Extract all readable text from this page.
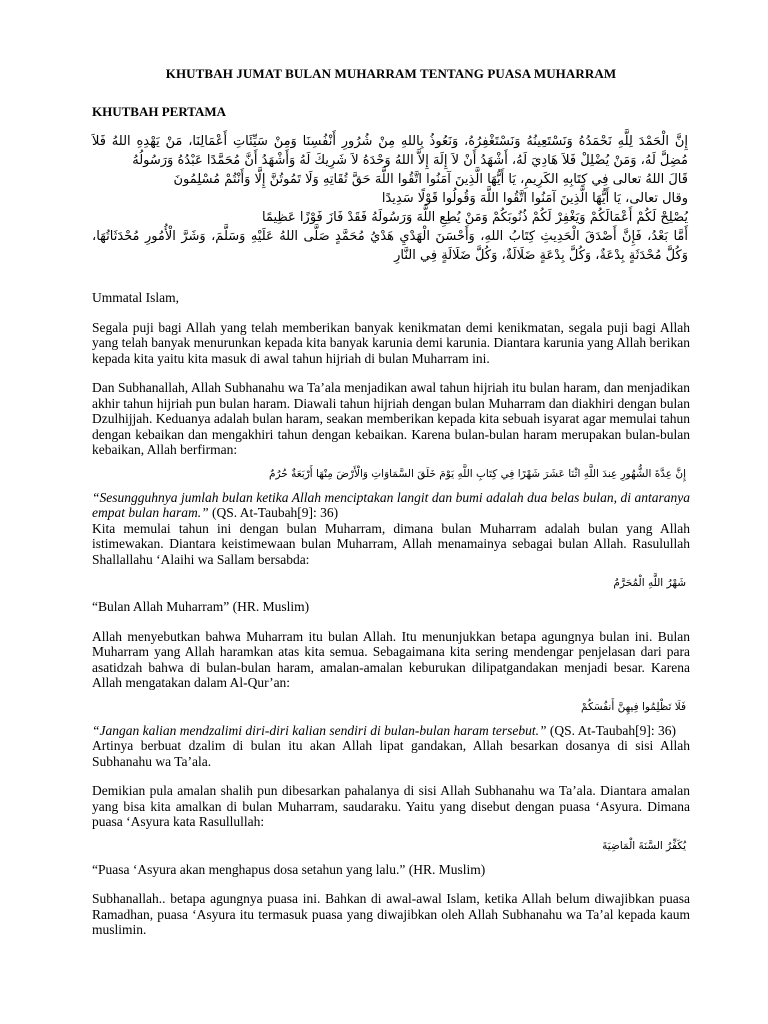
KHUTBAH JUMAT BULAN MUHARRAM TENTANG PUASA MUHARRAM
KHUTBAH PERTAMA

إِنَّ الْحَمْدَ لِلَّهِ نَحْمَدُهُ وَنَسْتَعِينُهُ وَنَسْتَغْفِرُهُ، وَنَعُوذُ بِاللهِ مِنْ شُرُورِ أَنْفُسِنَا وَمِنْ سَيِّئَاتِ أَعْمَالِنَا، مَنْ يَهْدِهِ اللهُ فَلاَ مُضِلَّ لَهُ، وَمَنْ يُضْلِلْ فَلاَ هَادِيَ لَهُ، أَشْهَدُ أَنْ لاَ إِلَهَ إِلاَّ اللهُ وَحْدَهُ لاَ شَرِيكَ لَهُ وَأَشْهَدُ أَنَّ مُحَمَّدًا عَبْدُهُ وَرَسُولُهُ

قَالَ اللهُ تعالى فِي كِتَابِهِ الكَرِيمِ، يَا أَيُّهَا الَّذِينَ آمَنُوا اتَّقُوا اللَّهَ حَقَّ تُقَاتِهِ وَلَا تَمُوتُنَّ إِلَّا وَأَنْتُمْ مُسْلِمُونَ

وقال تعالى، يَا أَيُّهَا الَّذِينَ آمَنُوا اتَّقُوا اللَّهَ وَقُولُوا قَوْلًا سَدِيدًا

يُصْلِحْ لَكُمْ أَعْمَالَكُمْ وَيَغْفِرْ لَكُمْ ذُنُوبَكُمْ وَمَنْ يُطِعِ اللَّهَ وَرَسُولَهُ فَقَدْ فَازَ فَوْزًا عَظِيمًا

أَمَّا بَعْدُ، فَإِنَّ أَصْدَقَ الْحَدِيثِ كِتَابُ اللهِ، وَأَحْسَنَ الْهَدْيِ هَدْيُ مُحَمَّدٍ صَلَّى اللهُ عَلَيْهِ وَسَلَّمَ، وَشَرَّ الْأُمُورِ مُحْدَثَاتُهَا، وَكُلَّ مُحْدَثَةٍ بِدْعَةٌ، وَكُلَّ بِدْعَةٍ ضَلَالَةٌ، وَكُلَّ ضَلَالَةٍ فِي النَّارِ

Ummatal Islam,

Segala puji bagi Allah yang telah memberikan banyak kenikmatan demi kenikmatan, segala puji bagi Allah yang telah banyak menurunkan kepada kita banyak karunia demi karunia. Diantara karunia yang Allah berikan kepada kita yaitu kita masuk di awal tahun hijriah di bulan Muharram ini.

Dan Subhanallah, Allah Subhanahu wa Ta’ala menjadikan awal tahun hijriah itu bulan haram, dan menjadikan akhir tahun hijriah pun bulan haram. Diawali tahun hijriah dengan bulan Muharram dan diakhiri dengan bulan Dzulhijjah. Keduanya adalah bulan haram, seakan memberikan kepada kita sebuah isyarat agar memulai tahun dengan kebaikan dan mengakhiri tahun dengan kebaikan. Karena bulan-bulan haram merupakan bulan-bulan kebaikan, Allah berfirman:

إِنَّ عِدَّةَ الشُّهُورِ عِندَ اللَّهِ اثْنَا عَشَرَ شَهْرًا فِي كِتَابِ اللَّهِ يَوْمَ خَلَقَ السَّمَاوَاتِ وَالْأَرْضَ مِنْهَا أَرْبَعَةٌ حُرُمٌ

“Sesungguhnya jumlah bulan ketika Allah menciptakan langit dan bumi adalah dua belas bulan, di antaranya empat bulan haram.” (QS. At-Taubah[9]: 36)

Kita memulai tahun ini dengan bulan Muharram, dimana bulan Muharram adalah bulan yang Allah istimewakan. Diantara keistimewaan bulan Muharram, Allah menamainya sebagai bulan Allah. Rasulullah Shallallahu ‘Alaihi wa Sallam bersabda:

شَهْرُ اللَّهِ الْمُحَرَّمُ

“Bulan Allah Muharram” (HR. Muslim)

Allah menyebutkan bahwa Muharram itu bulan Allah. Itu menunjukkan betapa agungnya bulan ini. Bulan Muharram yang Allah haramkan atas kita semua. Sebagaimana kita sering mendengar penjelasan dari para asatidzah bahwa di bulan-bulan haram, amalan-amalan keburukan dilipatgandakan menjadi besar. Karena Allah mengatakan dalam Al-Qur’an:

فَلَا تَظْلِمُوا فِيهِنَّ أَنفُسَكُمْ

“Jangan kalian mendzalimi diri-diri kalian sendiri di bulan-bulan haram tersebut.” (QS. At-Taubah[9]: 36)

Artinya berbuat dzalim di bulan itu akan Allah lipat gandakan, Allah besarkan dosanya di sisi Allah Subhanahu wa Ta’ala.

Demikian pula amalan shalih pun dibesarkan pahalanya di sisi Allah Subhanahu wa Ta’ala. Diantara amalan yang bisa kita amalkan di bulan Muharram, saudaraku. Yaitu yang disebut dengan puasa ‘Asyura. Dimana puasa ‘Asyura kata Rasullullah:

يُكَفِّرُ السَّنَةَ الْمَاضِيَةَ

“Puasa ‘Asyura akan menghapus dosa setahun yang lalu.” (HR. Muslim)

Subhanallah.. betapa agungnya puasa ini. Bahkan di awal-awal Islam, ketika Allah belum diwajibkan puasa Ramadhan, puasa ‘Asyura itu termasuk puasa yang diwajibkan oleh Allah Subhanahu wa Ta’al kepada kaum muslimin.
